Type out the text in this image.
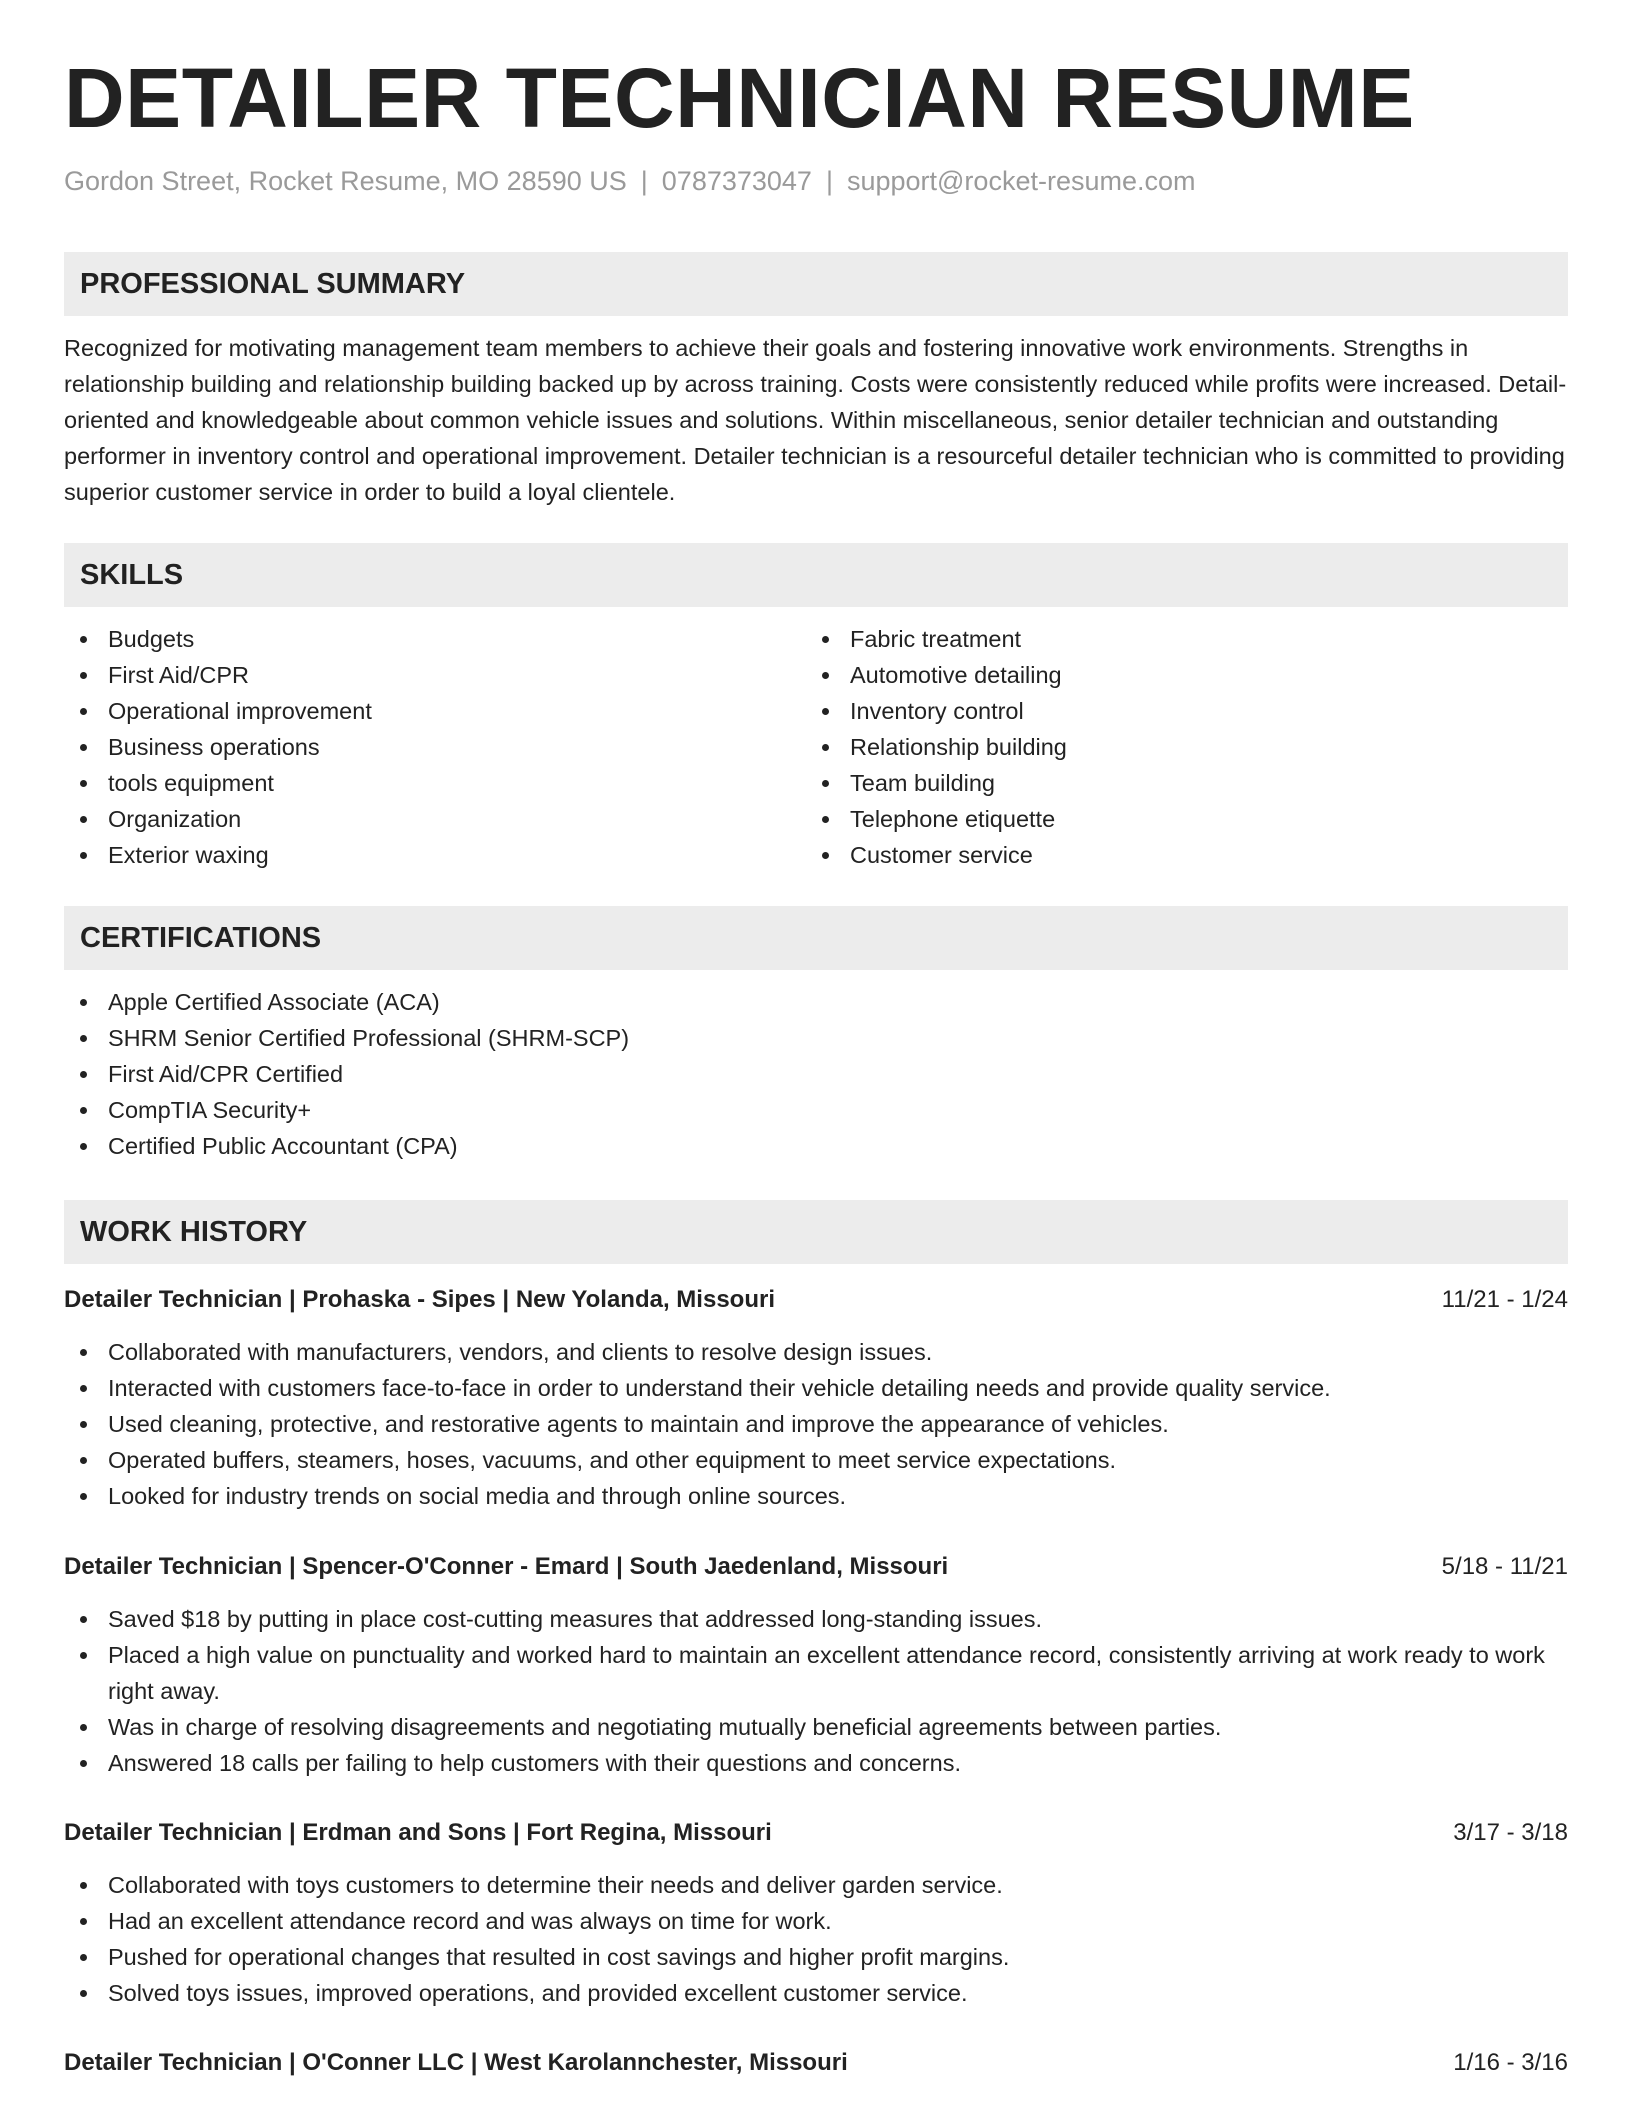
DETAILER TECHNICIAN RESUME
Gordon Street, Rocket Resume, MO 28590 US | 0787373047 | support@rocket-resume.com
PROFESSIONAL SUMMARY
Recognized for motivating management team members to achieve their goals and fostering innovative work environments. Strengths in relationship building and relationship building backed up by across training. Costs were consistently reduced while profits were increased. Detail-oriented and knowledgeable about common vehicle issues and solutions. Within miscellaneous, senior detailer technician and outstanding performer in inventory control and operational improvement. Detailer technician is a resourceful detailer technician who is committed to providing superior customer service in order to build a loyal clientele.
SKILLS
Budgets
First Aid/CPR
Operational improvement
Business operations
tools equipment
Organization
Exterior waxing
Fabric treatment
Automotive detailing
Inventory control
Relationship building
Team building
Telephone etiquette
Customer service
CERTIFICATIONS
Apple Certified Associate (ACA)
SHRM Senior Certified Professional (SHRM-SCP)
First Aid/CPR Certified
CompTIA Security+
Certified Public Accountant (CPA)
WORK HISTORY
Detailer Technician | Prohaska - Sipes | New Yolanda, Missouri	11/21 - 1/24
Collaborated with manufacturers, vendors, and clients to resolve design issues.
Interacted with customers face-to-face in order to understand their vehicle detailing needs and provide quality service.
Used cleaning, protective, and restorative agents to maintain and improve the appearance of vehicles.
Operated buffers, steamers, hoses, vacuums, and other equipment to meet service expectations.
Looked for industry trends on social media and through online sources.
Detailer Technician | Spencer-O'Conner - Emard | South Jaedenland, Missouri	5/18 - 11/21
Saved $18 by putting in place cost-cutting measures that addressed long-standing issues.
Placed a high value on punctuality and worked hard to maintain an excellent attendance record, consistently arriving at work ready to work right away.
Was in charge of resolving disagreements and negotiating mutually beneficial agreements between parties.
Answered 18 calls per failing to help customers with their questions and concerns.
Detailer Technician | Erdman and Sons | Fort Regina, Missouri	3/17 - 3/18
Collaborated with toys customers to determine their needs and deliver garden service.
Had an excellent attendance record and was always on time for work.
Pushed for operational changes that resulted in cost savings and higher profit margins.
Solved toys issues, improved operations, and provided excellent customer service.
Detailer Technician | O'Conner LLC | West Karolannchester, Missouri	1/16 - 3/16
